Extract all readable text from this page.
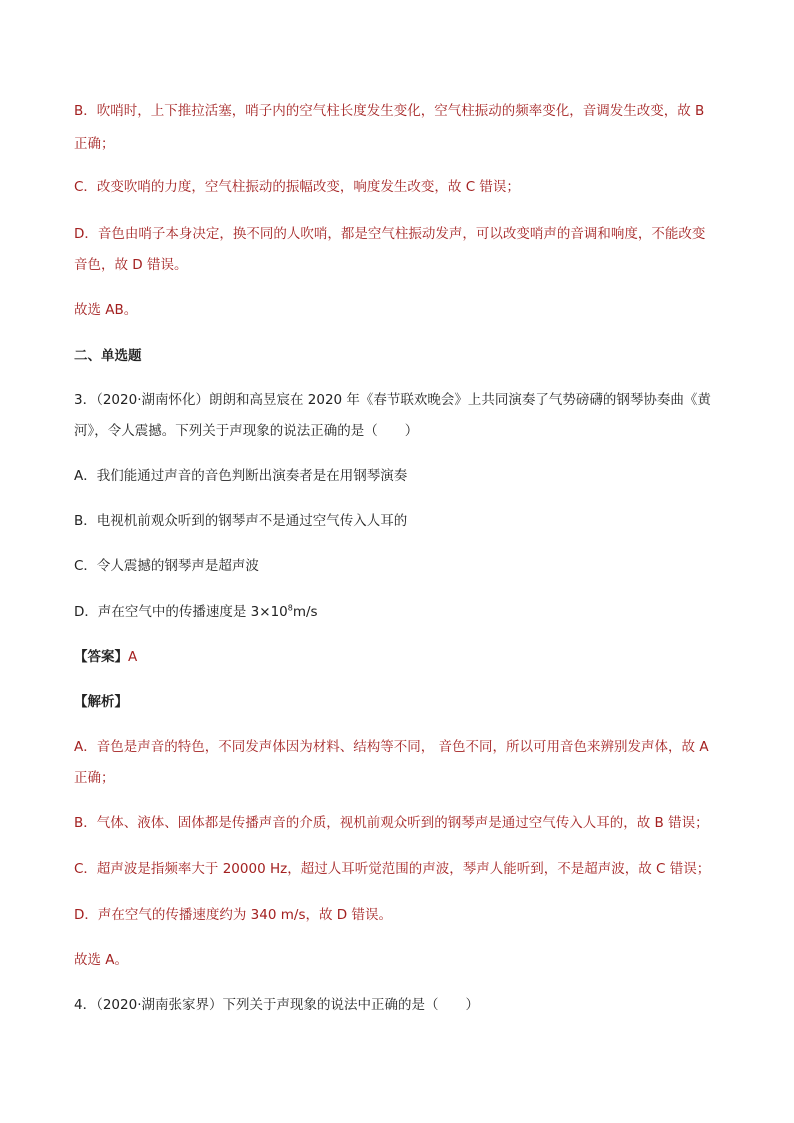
B．吹哨时，上下推拉活塞，哨子内的空气柱长度发生变化，空气柱振动的频率变化，音调发生改变，故 B
正确；
C．改变吹哨的力度，空气柱振动的振幅改变，响度发生改变，故 C 错误；
D．音色由哨子本身决定，换不同的人吹哨，都是空气柱振动发声，可以改变哨声的音调和响度，不能改变
音色，故 D 错误。
故选 AB。
二、单选题
3．（2020·湖南怀化）朗朗和高昱宸在 2020 年《春节联欢晚会》上共同演奏了气势磅礴的钢琴协奏曲《黄
河》，令人震撼。下列关于声现象的说法正确的是（　　）
A．我们能通过声音的音色判断出演奏者是在用钢琴演奏
B．电视机前观众听到的钢琴声不是通过空气传入人耳的
C．令人震撼的钢琴声是超声波
D．声在空气中的传播速度是 $3\times 10^8m/s$
【答案】A
【解析】
A．音色是声音的特色，不同发声体因为材料、结构等不同， 音色不同，所以可用音色来辨别发声体，故 A
正确；
B．气体、液体、固体都是传播声音的介质，视机前观众听到的钢琴声是通过空气传入人耳的，故 B 错误；
C．超声波是指频率大于 20000 Hz，超过人耳听觉范围的声波，琴声人能听到，不是超声波，故 C 错误；
D．声在空气的传播速度约为 340 m/s，故 D 错误。
故选 A。
4．（2020·湖南张家界）下列关于声现象的说法中正确的是（　　）
